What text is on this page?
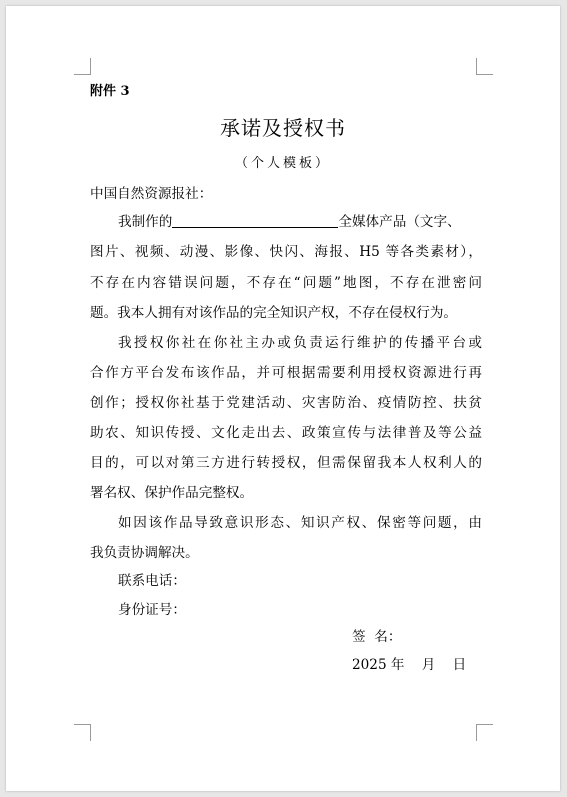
附件 3
承诺及授权书
（个人模板）
中国自然资源报社：
我制作的	全媒体产品（文字、
图片、视频、动漫、影像、快闪、海报、H5 等各类素材），
不存在内容错误问题，不存在“问题”地图，不存在泄密问
题。我本人拥有对该作品的完全知识产权，不存在侵权行为。
我授权你社在你社主办或负责运行维护的传播平台或
合作方平台发布该作品，并可根据需要利用授权资源进行再
创作；授权你社基于党建活动、灾害防治、疫情防控、扶贫
助农、知识传授、文化走出去、政策宣传与法律普及等公益
目的，可以对第三方进行转授权，但需保留我本人权利人的
署名权、保护作品完整权。
如因该作品导致意识形态、知识产权、保密等问题，由
我负责协调解决。
联系电话：
身份证号：
签  名：
2025 年    月    日
